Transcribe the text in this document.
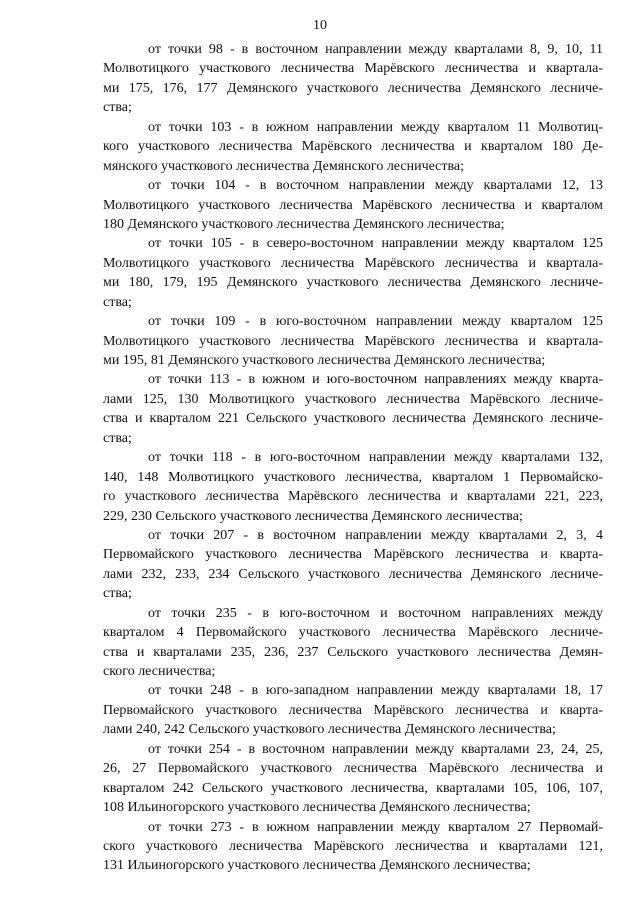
10
от точки 98 - в восточном направлении между кварталами 8, 9, 10, 11
Молвотицкого участкового лесничества Марёвского лесничества и квартала-
ми 175, 176, 177 Демянского участкового лесничества Демянского лесниче-
ства;
от точки 103 - в южном направлении между кварталом 11 Молвотиц-
кого участкового лесничества Марёвского лесничества и кварталом 180 Де-
мянского участкового лесничества Демянского лесничества;
от точки 104 - в восточном направлении между кварталами 12, 13
Молвотицкого участкового лесничества Марёвского лесничества и кварталом
180 Демянского участкового лесничества Демянского лесничества;
от точки 105 - в северо-восточном направлении между кварталом 125
Молвотицкого участкового лесничества Марёвского лесничества и квартала-
ми 180, 179, 195 Демянского участкового лесничества Демянского лесниче-
ства;
от точки 109 - в юго-восточном направлении между кварталом 125
Молвотицкого участкового лесничества Марёвского лесничества и квартала-
ми 195, 81 Демянского участкового лесничества Демянского лесничества;
от точки 113 - в южном и юго-восточном направлениях между кварта-
лами 125, 130 Молвотицкого участкового лесничества Марёвского лесниче-
ства и кварталом 221 Сельского участкового лесничества Демянского лесниче-
ства;
от точки 118 - в юго-восточном направлении между кварталами 132,
140, 148 Молвотицкого участкового лесничества, кварталом 1 Первомайско-
го участкового лесничества Марёвского лесничества и кварталами 221, 223,
229, 230 Сельского участкового лесничества Демянского лесничества;
от точки 207 - в восточном направлении между кварталами 2, 3, 4
Первомайского участкового лесничества Марёвского лесничества и кварта-
лами 232, 233, 234 Сельского участкового лесничества Демянского лесниче-
ства;
от точки 235 - в юго-восточном и восточном направлениях между
кварталом 4 Первомайского участкового лесничества Марёвского лесниче-
ства и кварталами 235, 236, 237 Сельского участкового лесничества Демян-
ского лесничества;
от точки 248 - в юго-западном направлении между кварталами 18, 17
Первомайского участкового лесничества Марёвского лесничества и кварта-
лами 240, 242 Сельского участкового лесничества Демянского лесничества;
от точки 254 - в восточном направлении между кварталами 23, 24, 25,
26, 27 Первомайского участкового лесничества Марёвского лесничества и
кварталом 242 Сельского участкового лесничества, кварталами 105, 106, 107,
108 Ильиногорского участкового лесничества Демянского лесничества;
от точки 273 - в южном направлении между кварталом 27 Первомай-
ского участкового лесничества Марёвского лесничества и кварталами 121,
131 Ильиногорского участкового лесничества Демянского лесничества;
